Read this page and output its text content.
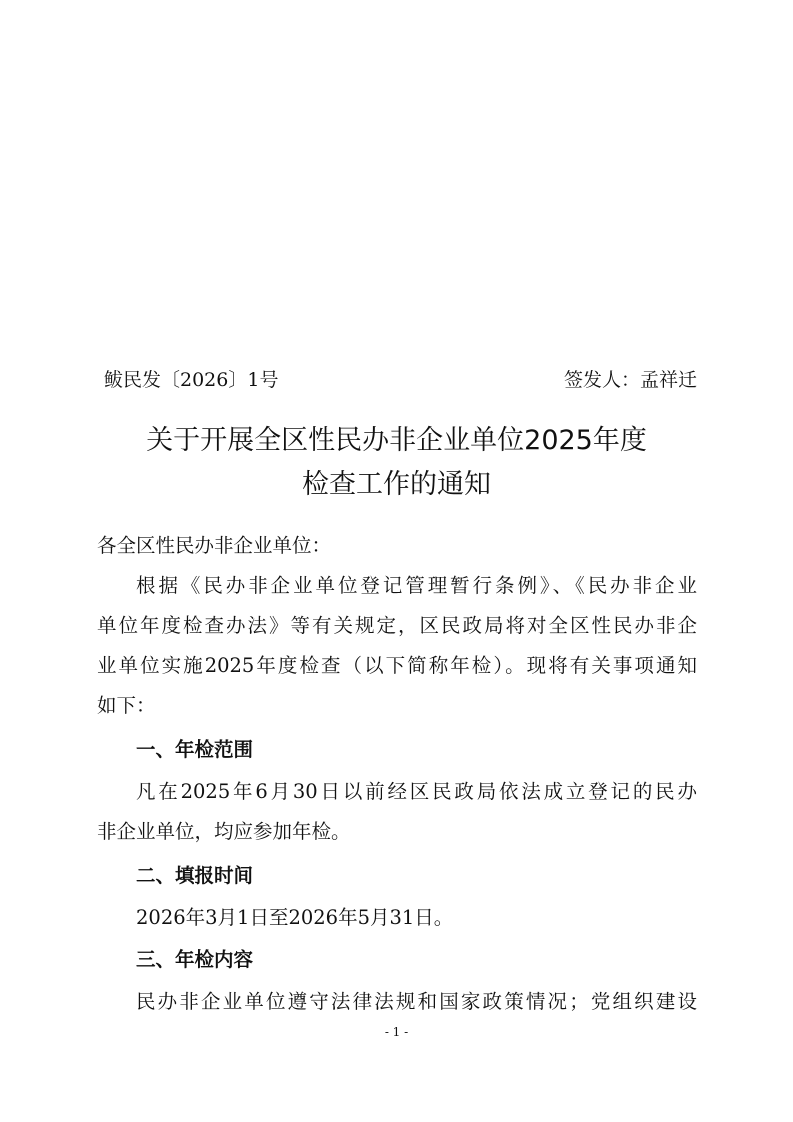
鲅民发〔2026〕1号	签发人：孟祥迁
关于开展全区性民办非企业单位2025年度
检查工作的通知
各全区性民办非企业单位：
根据《民办非企业单位登记管理暂行条例》、《民办非企业
单位年度检查办法》等有关规定，区民政局将对全区性民办非企
业单位实施2025年度检查（以下简称年检）。现将有关事项通知
如下：
一、年检范围
凡在2025年6月30日以前经区民政局依法成立登记的民办
非企业单位，均应参加年检。
二、填报时间
2026年3月1日至2026年5月31日。
三、年检内容
民办非企业单位遵守法律法规和国家政策情况；党组织建设
- 1 -
